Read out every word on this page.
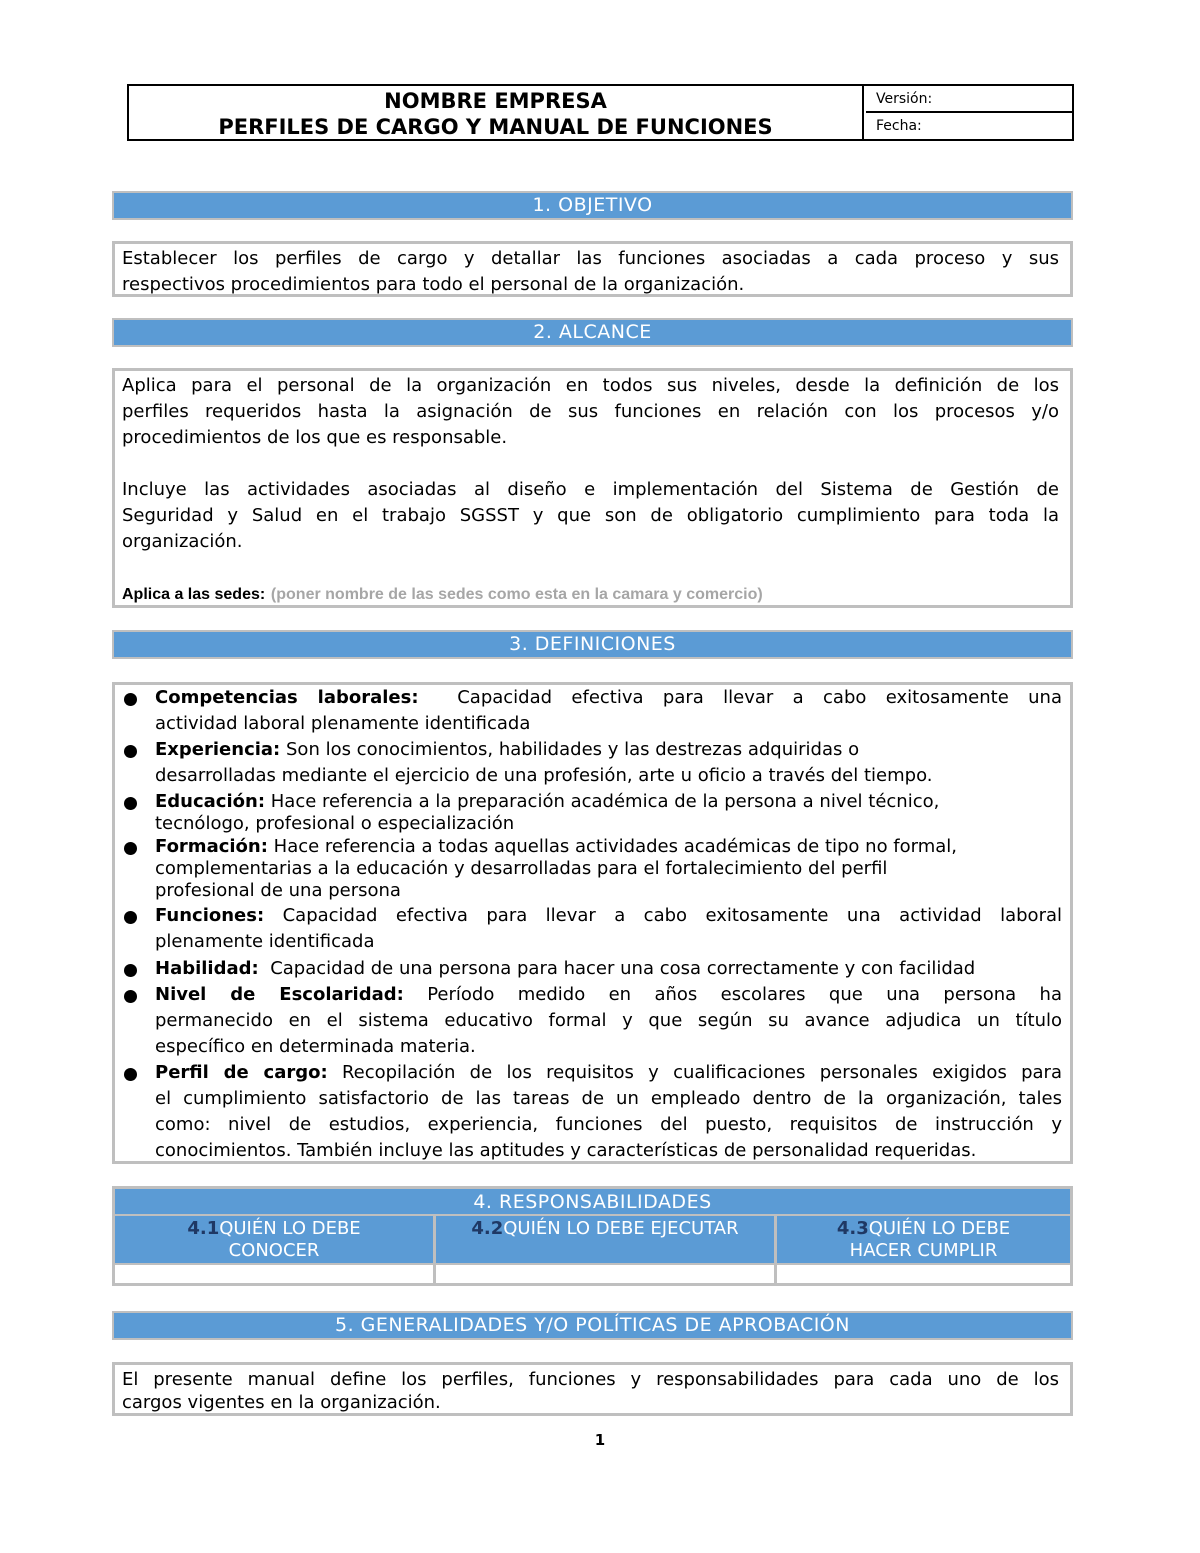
NOMBRE EMPRESA
PERFILES DE CARGO Y MANUAL DE FUNCIONES
Versión:
Fecha:
1. OBJETIVO
Establecer los perfiles de cargo y detallar las funciones asociadas a cada proceso y sus
respectivos procedimientos para todo el personal de la organización.
2. ALCANCE
Aplica para el personal de la organización en todos sus niveles, desde la definición de los
perfiles requeridos hasta la asignación de sus funciones en relación con los procesos y/o
procedimientos de los que es responsable.
Incluye las actividades asociadas al diseño e implementación del Sistema de Gestión de
Seguridad y Salud en el trabajo SGSST y que son de obligatorio cumplimiento para toda la
organización.
Aplica a las sedes: (poner nombre de las sedes como esta en la camara y comercio)
3. DEFINICIONES
Competencias laborales: Capacidad efectiva para llevar a cabo exitosamente una
actividad laboral plenamente identificada
Experiencia: Son los conocimientos, habilidades y las destrezas adquiridas o
desarrolladas mediante el ejercicio de una profesión, arte u oficio a través del tiempo.
Educación: Hace referencia a la preparación académica de la persona a nivel técnico,
tecnólogo, profesional o especialización
Formación: Hace referencia a todas aquellas actividades académicas de tipo no formal,
complementarias a la educación y desarrolladas para el fortalecimiento del perfil
profesional de una persona
Funciones: Capacidad efectiva para llevar a cabo exitosamente una actividad laboral
plenamente identificada
Habilidad: Capacidad de una persona para hacer una cosa correctamente y con facilidad
Nivel de Escolaridad: Período medido en años escolares que una persona ha
permanecido en el sistema educativo formal y que según su avance adjudica un título
específico en determinada materia.
Perfil de cargo: Recopilación de los requisitos y cualificaciones personales exigidos para
el cumplimiento satisfactorio de las tareas de un empleado dentro de la organización, tales
como: nivel de estudios, experiencia, funciones del puesto, requisitos de instrucción y
conocimientos. También incluye las aptitudes y características de personalidad requeridas.
4. RESPONSABILIDADES
4.1QUIÉN LO DEBE
CONOCER
4.2QUIÉN LO DEBE EJECUTAR	4.3QUIÉN LO DEBE
HACER CUMPLIR
5. GENERALIDADES Y/O POLÍTICAS DE APROBACIÓN
El presente manual define los perfiles, funciones y responsabilidades para cada uno de los
cargos vigentes en la organización.
1
